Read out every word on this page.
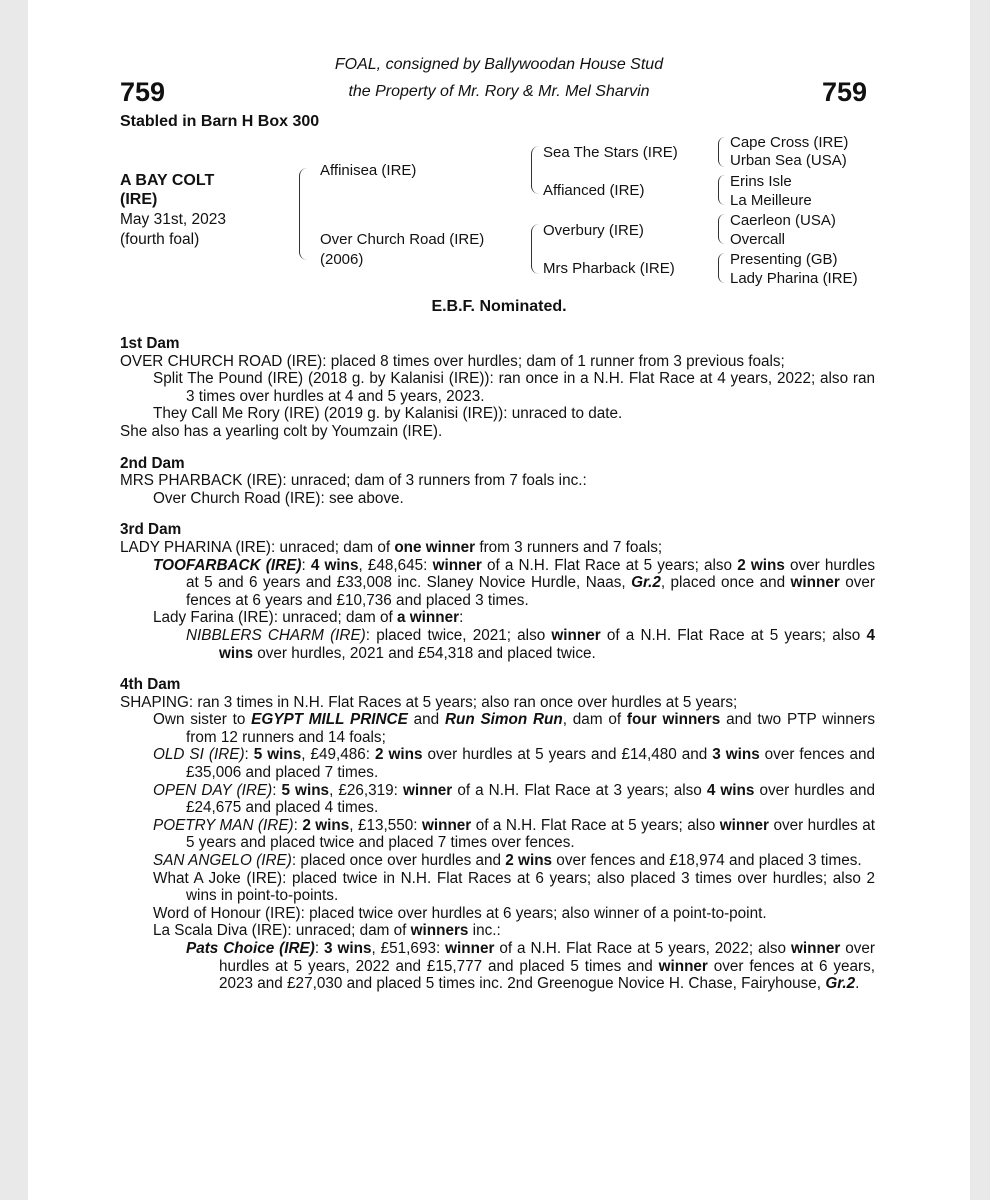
759	759
FOAL, consigned by Ballywoodan House Stud
the Property of Mr. Rory & Mr. Mel Sharvin
Stabled in Barn H Box 300
A BAY COLT
(IRE)
May 31st, 2023
(fourth foal)
Affinisea (IRE)
Over Church Road (IRE)
(2006)
Sea The Stars (IRE)
Affianced (IRE)
Overbury (IRE)
Mrs Pharback (IRE)
Cape Cross (IRE)
Urban Sea (USA)
Erins Isle
La Meilleure
Caerleon (USA)
Overcall
Presenting (GB)
Lady Pharina (IRE)
E.B.F. Nominated.
1st Dam
OVER CHURCH ROAD (IRE): placed 8 times over hurdles; dam of 1 runner from 3 previous foals;
Split The Pound (IRE) (2018 g. by Kalanisi (IRE)): ran once in a N.H. Flat Race at 4 years, 2022; also ran 3 times over hurdles at 4 and 5 years, 2023.
They Call Me Rory (IRE) (2019 g. by Kalanisi (IRE)): unraced to date.
She also has a yearling colt by Youmzain (IRE).
2nd Dam
MRS PHARBACK (IRE): unraced; dam of 3 runners from 7 foals inc.:
Over Church Road (IRE): see above.
3rd Dam
LADY PHARINA (IRE): unraced; dam of one winner from 3 runners and 7 foals;
TOOFARBACK (IRE): 4 wins, £48,645: winner of a N.H. Flat Race at 5 years; also 2 wins over hurdles at 5 and 6 years and £33,008 inc. Slaney Novice Hurdle, Naas, Gr.2, placed once and winner over fences at 6 years and £10,736 and placed 3 times.
Lady Farina (IRE): unraced; dam of a winner:
NIBBLERS CHARM (IRE): placed twice, 2021; also winner of a N.H. Flat Race at 5 years; also 4 wins over hurdles, 2021 and £54,318 and placed twice.
4th Dam
SHAPING: ran 3 times in N.H. Flat Races at 5 years; also ran once over hurdles at 5 years;
Own sister to EGYPT MILL PRINCE and Run Simon Run, dam of four winners and two PTP winners from 12 runners and 14 foals;
OLD SI (IRE): 5 wins, £49,486: 2 wins over hurdles at 5 years and £14,480 and 3 wins over fences and £35,006 and placed 7 times.
OPEN DAY (IRE): 5 wins, £26,319: winner of a N.H. Flat Race at 3 years; also 4 wins over hurdles and £24,675 and placed 4 times.
POETRY MAN (IRE): 2 wins, £13,550: winner of a N.H. Flat Race at 5 years; also winner over hurdles at 5 years and placed twice and placed 7 times over fences.
SAN ANGELO (IRE): placed once over hurdles and 2 wins over fences and £18,974 and placed 3 times.
What A Joke (IRE): placed twice in N.H. Flat Races at 6 years; also placed 3 times over hurdles; also 2 wins in point-to-points.
Word of Honour (IRE): placed twice over hurdles at 6 years; also winner of a point-to-point.
La Scala Diva (IRE): unraced; dam of winners inc.:
Pats Choice (IRE): 3 wins, £51,693: winner of a N.H. Flat Race at 5 years, 2022; also winner over hurdles at 5 years, 2022 and £15,777 and placed 5 times and winner over fences at 6 years, 2023 and £27,030 and placed 5 times inc. 2nd Greenogue Novice H. Chase, Fairyhouse, Gr.2.
